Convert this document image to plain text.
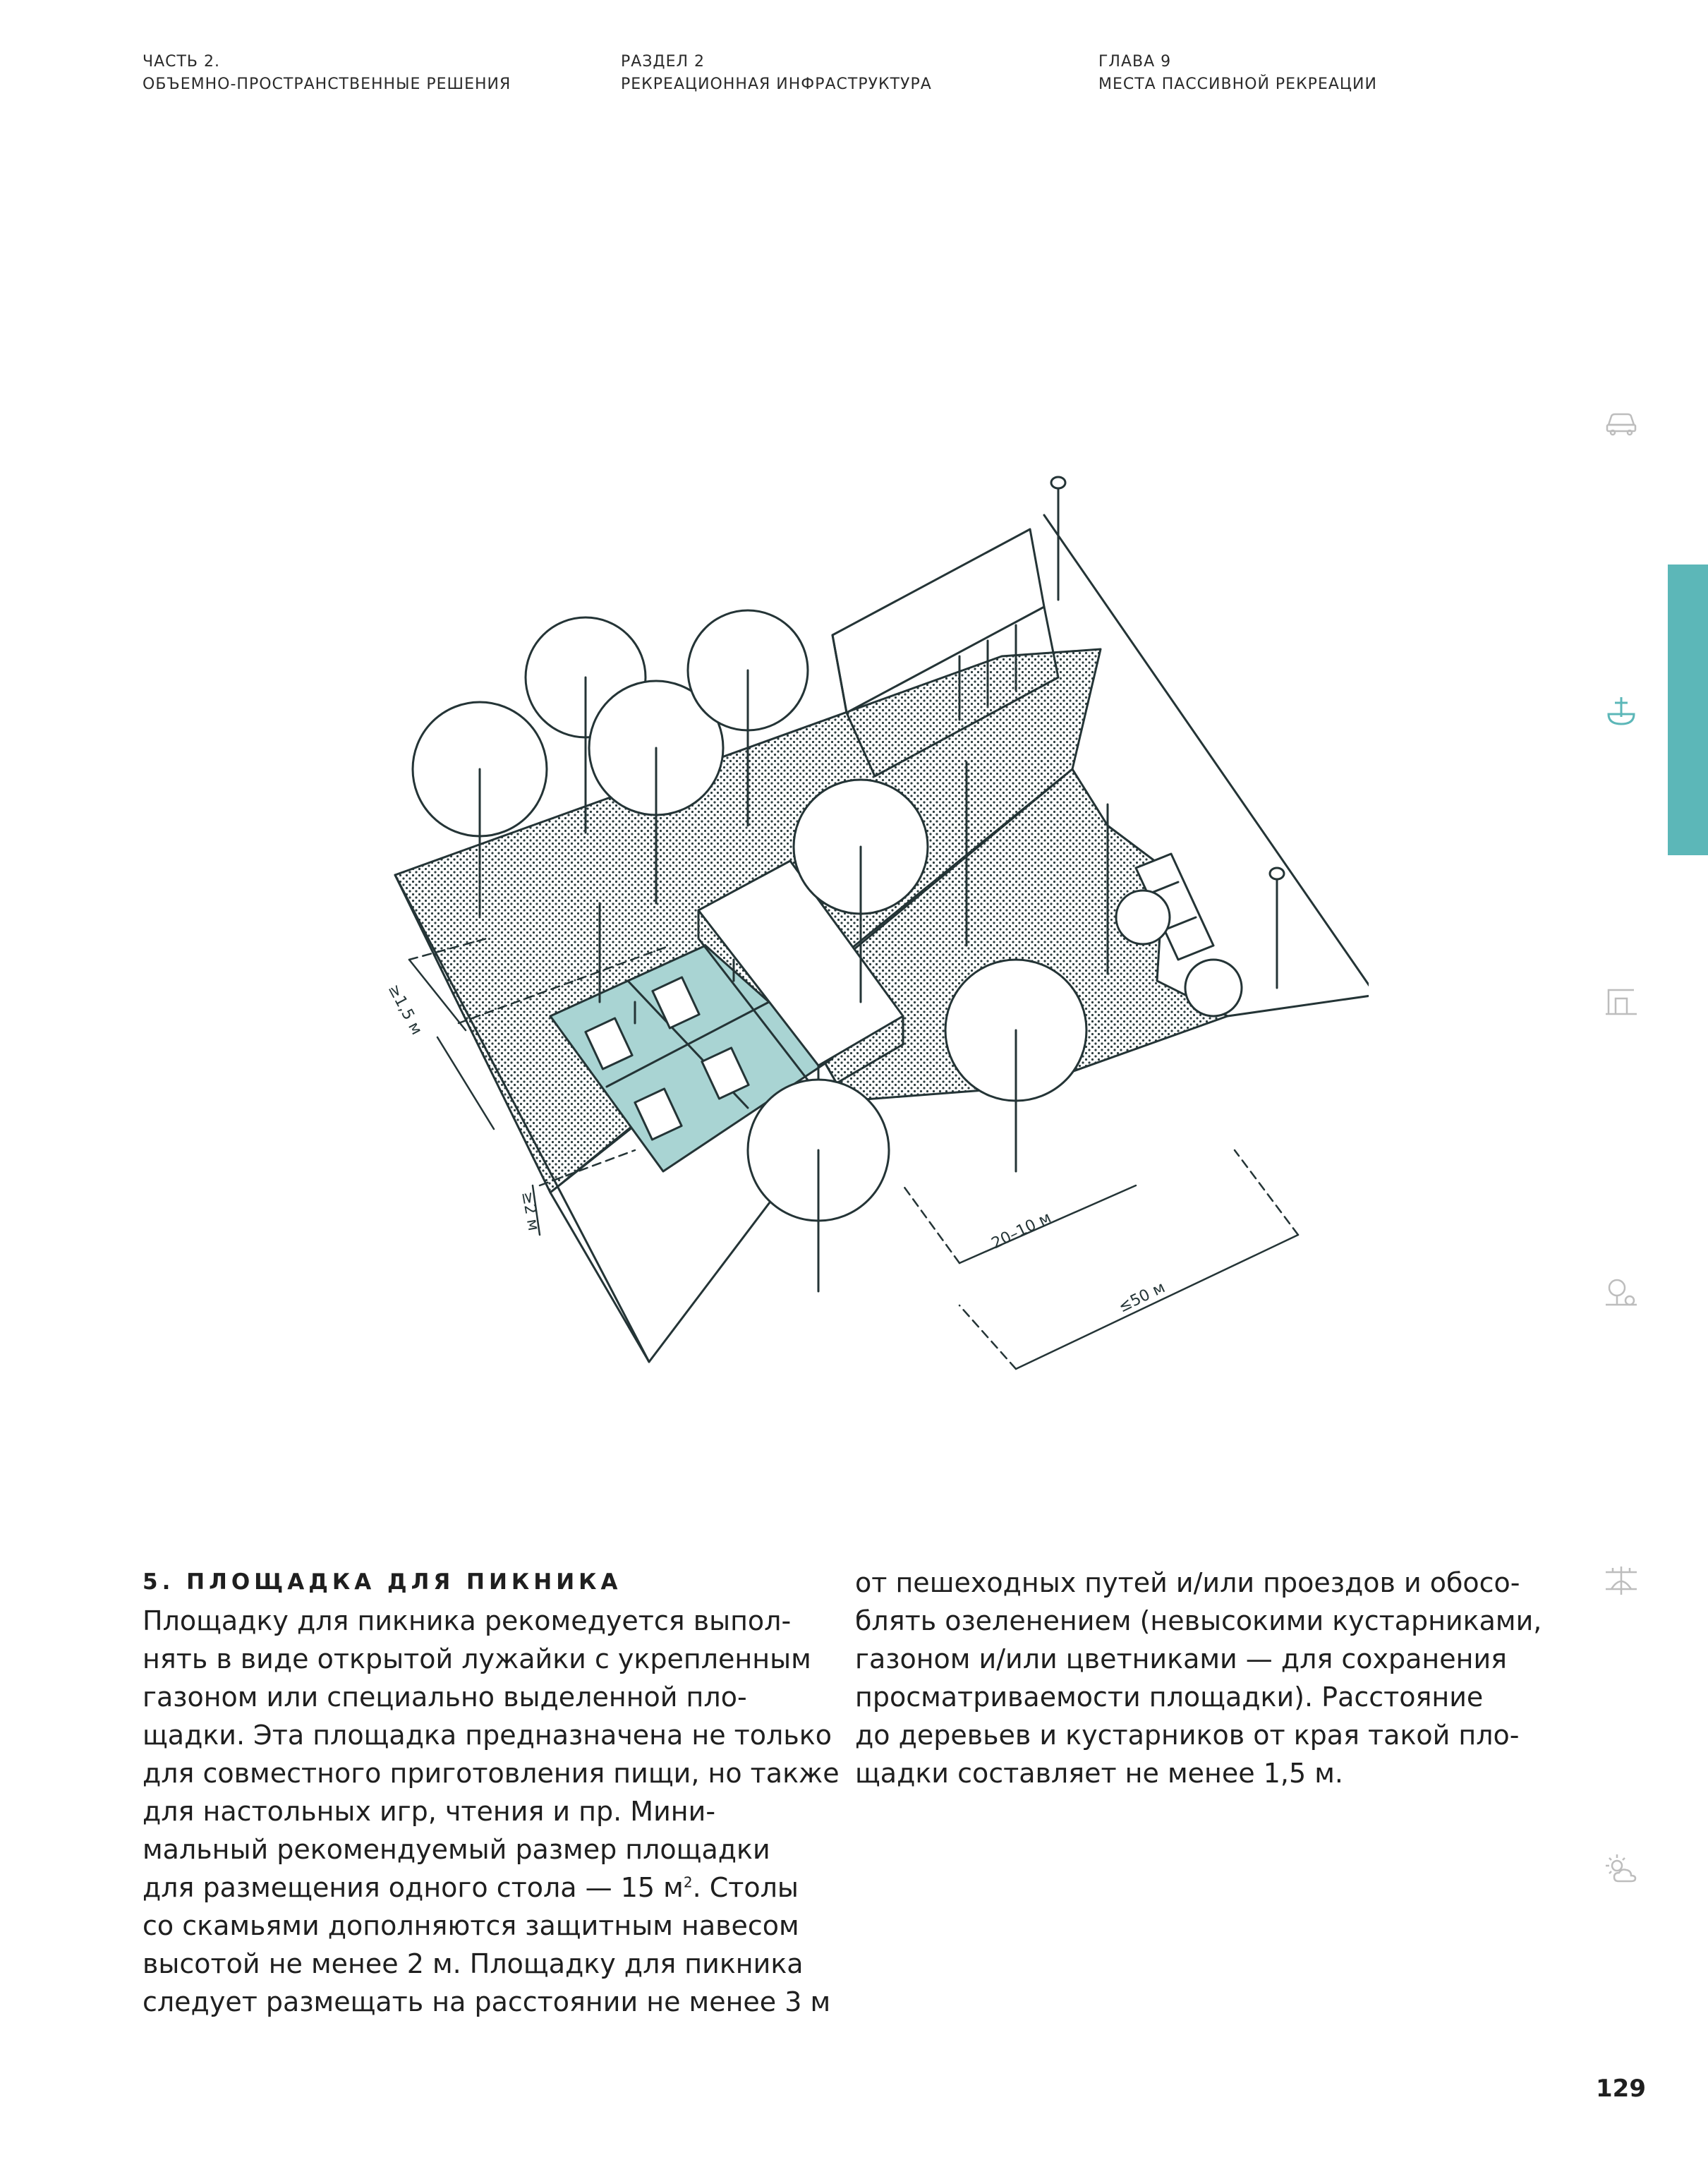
ЧАСТЬ 2.
ОБЪЕМНО-ПРОСТРАНСТВЕННЫЕ РЕШЕНИЯ
РАЗДЕЛ 2
РЕКРЕАЦИОННАЯ ИНФРАСТРУКТУРА
ГЛАВА 9
МЕСТА ПАССИВНОЙ РЕКРЕАЦИИ
≥1,5 м
≥2 м	20–10 м
≤50 м
5. ПЛОЩАДКА ДЛЯ ПИКНИКА
Площадку для пикника рекомедуется выпол-
нять в виде открытой лужайки с укрепленным
газоном или специально выделенной пло-
щадки. Эта площадка предназначена не только
для совместного приготовления пищи, но также
для настольных игр, чтения и пр. Мини-
мальный рекомендуемый размер площадки
для размещения одного стола — 15 $м^2$. Столы
со скамьями дополняются защитным навесом
высотой не менее 2 м. Площадку для пикника
следует размещать на расстоянии не менее 3 м
от пешеходных путей и/или проездов и обосо-
блять озеленением (невысокими кустарниками,
газоном и/или цветниками — для сохранения
просматриваемости площадки). Расстояние
до деревьев и кустарников от края такой пло-
щадки составляет не менее 1,5 м.
129
